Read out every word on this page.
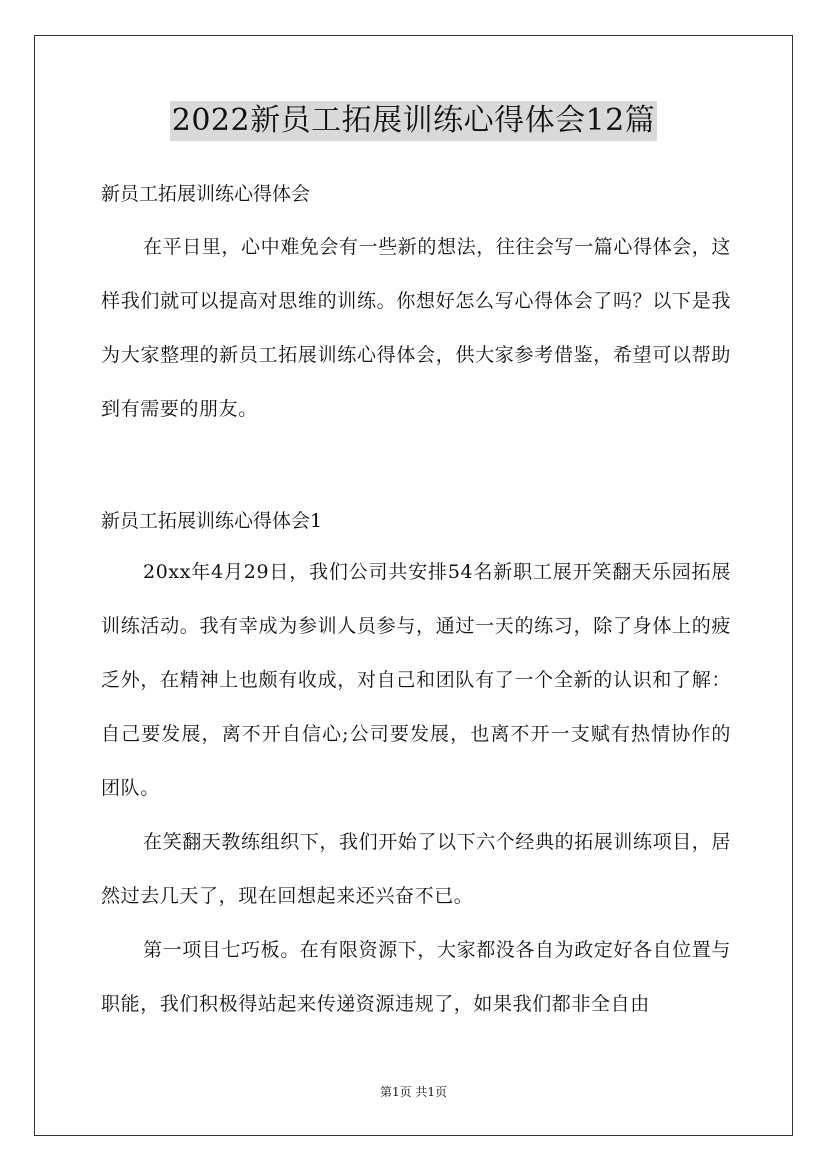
2022新员工拓展训练心得体会12篇
新员工拓展训练心得体会

在平日里，心中难免会有一些新的想法，往往会写一篇心得体会，这样我们就可以提高对思维的训练。你想好怎么写心得体会了吗？以下是我为大家整理的新员工拓展训练心得体会，供大家参考借鉴，希望可以帮助到有需要的朋友。

新员工拓展训练心得体会1

20xx年4月29日，我们公司共安排54名新职工展开笑翻天乐园拓展训练活动。我有幸成为参训人员参与，通过一天的练习，除了身体上的疲乏外，在精神上也颇有收成，对自己和团队有了一个全新的认识和了解：自己要发展，离不开自信心;公司要发展，也离不开一支赋有热情协作的团队。

在笑翻天教练组织下，我们开始了以下六个经典的拓展训练项目，居然过去几天了，现在回想起来还兴奋不已。

第一项目七巧板。在有限资源下，大家都没各自为政定好各自位置与职能，我们积极得站起来传递资源违规了，如果我们都非全自由

第1页 共1页
